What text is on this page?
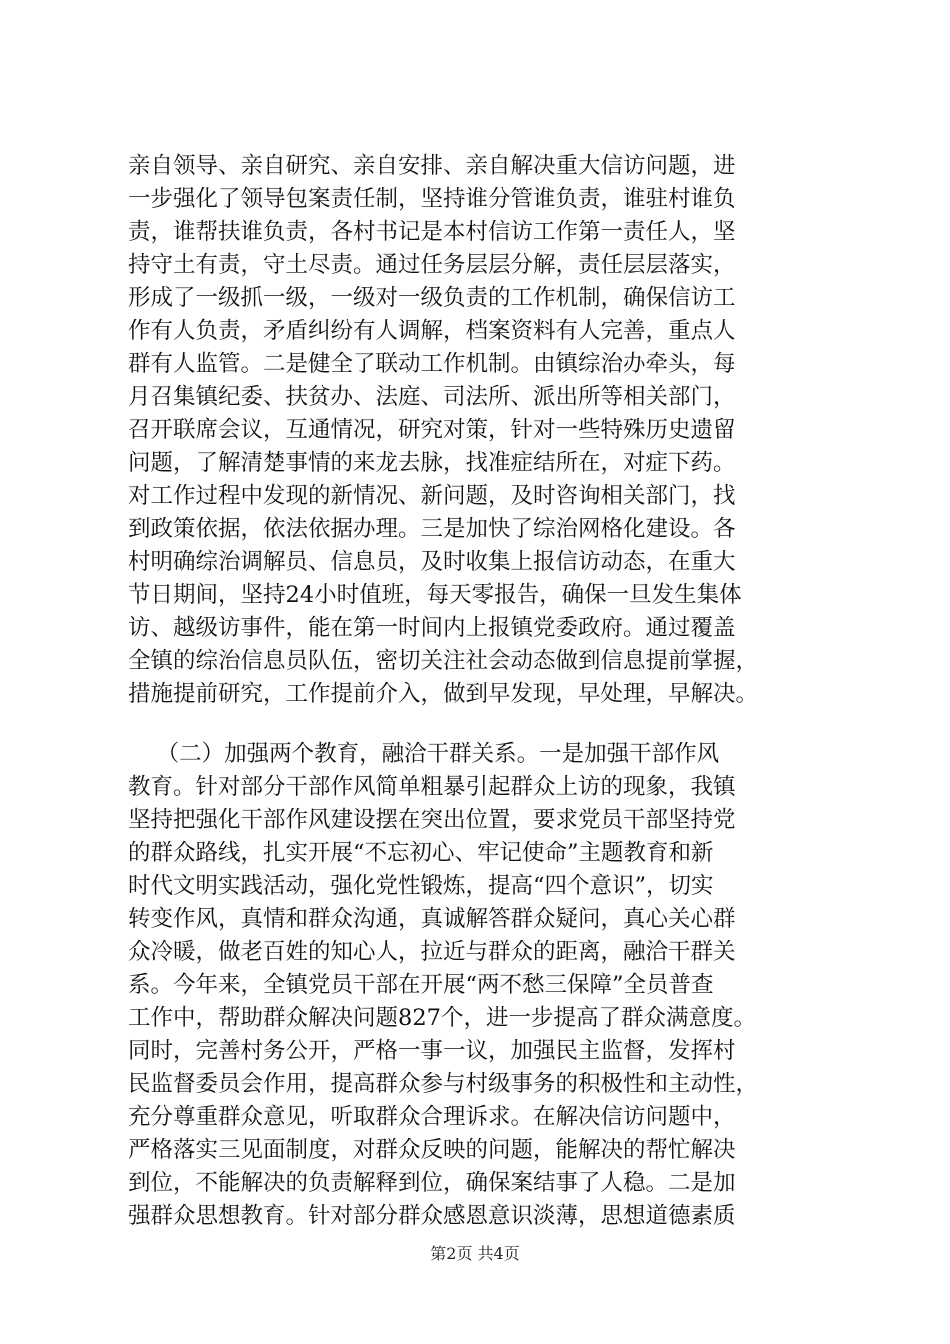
亲自领导、亲自研究、亲自安排、亲自解决重大信访问题，进
一步强化了领导包案责任制，坚持谁分管谁负责，谁驻村谁负
责，谁帮扶谁负责，各村书记是本村信访工作第一责任人，坚
持守土有责，守土尽责。通过任务层层分解，责任层层落实，
形成了一级抓一级，一级对一级负责的工作机制，确保信访工
作有人负责，矛盾纠纷有人调解，档案资料有人完善，重点人
群有人监管。二是健全了联动工作机制。由镇综治办牵头，每
月召集镇纪委、扶贫办、法庭、司法所、派出所等相关部门，
召开联席会议，互通情况，研究对策，针对一些特殊历史遗留
问题，了解清楚事情的来龙去脉，找准症结所在，对症下药。
对工作过程中发现的新情况、新问题，及时咨询相关部门，找
到政策依据，依法依据办理。三是加快了综治网格化建设。各
村明确综治调解员、信息员，及时收集上报信访动态，在重大
节日期间，坚持24小时值班，每天零报告，确保一旦发生集体
访、越级访事件，能在第一时间内上报镇党委政府。通过覆盖
全镇的综治信息员队伍，密切关注社会动态做到信息提前掌握，
措施提前研究，工作提前介入，做到早发现，早处理，早解决。
（二）加强两个教育，融洽干群关系。一是加强干部作风
教育。针对部分干部作风简单粗暴引起群众上访的现象，我镇
坚持把强化干部作风建设摆在突出位置，要求党员干部坚持党
的群众路线，扎实开展“不忘初心、牢记使命”主题教育和新
时代文明实践活动，强化党性锻炼，提高“四个意识”，切实
转变作风，真情和群众沟通，真诚解答群众疑问，真心关心群
众冷暖，做老百姓的知心人，拉近与群众的距离，融洽干群关
系。今年来，全镇党员干部在开展“两不愁三保障”全员普查
工作中，帮助群众解决问题827个，进一步提高了群众满意度。
同时，完善村务公开，严格一事一议，加强民主监督，发挥村
民监督委员会作用，提高群众参与村级事务的积极性和主动性，
充分尊重群众意见，听取群众合理诉求。在解决信访问题中，
严格落实三见面制度，对群众反映的问题，能解决的帮忙解决
到位，不能解决的负责解释到位，确保案结事了人稳。二是加
强群众思想教育。针对部分群众感恩意识淡薄，思想道德素质
第2页 共4页
